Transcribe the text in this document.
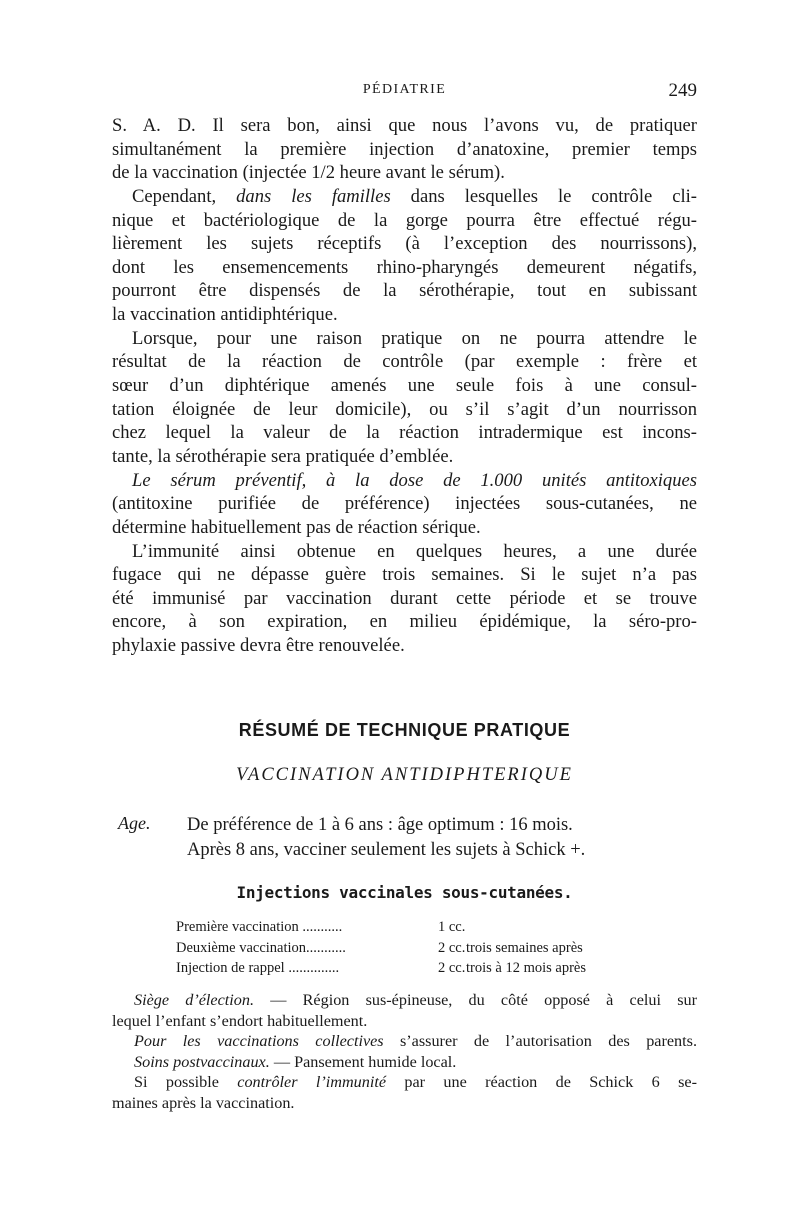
PÉDIATRIE	249
S. A. D. Il sera bon, ainsi que nous l’avons vu, de pratiquer
simultanément la première injection d’anatoxine, premier temps
de la vaccination (injectée 1/2 heure avant le sérum).
Cependant, dans les familles dans lesquelles le contrôle cli-
nique et bactériologique de la gorge pourra être effectué régu-
lièrement les sujets réceptifs (à l’exception des nourrissons),
dont les ensemencements rhino-pharyngés demeurent négatifs,
pourront être dispensés de la sérothérapie, tout en subissant
la vaccination antidiphtérique.
Lorsque, pour une raison pratique on ne pourra attendre le
résultat de la réaction de contrôle (par exemple : frère et
sœur d’un diphtérique amenés une seule fois à une consul-
tation éloignée de leur domicile), ou s’il s’agit d’un nourrisson
chez lequel la valeur de la réaction intradermique est incons-
tante, la sérothérapie sera pratiquée d’emblée.
Le sérum préventif, à la dose de 1.000 unités antitoxiques
(antitoxine purifiée de préférence) injectées sous-cutanées, ne
détermine habituellement pas de réaction sérique.
L’immunité ainsi obtenue en quelques heures, a une durée
fugace qui ne dépasse guère trois semaines. Si le sujet n’a pas
été immunisé par vaccination durant cette période et se trouve
encore, à son expiration, en milieu épidémique, la séro-pro-
phylaxie passive devra être renouvelée.
RÉSUMÉ DE TECHNIQUE PRATIQUE
VACCINATION ANTIDIPHTERIQUE
Age. De préférence de 1 à 6 ans : âge optimum : 16 mois.
Après 8 ans, vacciner seulement les sujets à Schick +.
Injections vaccinales sous-cutanées.
Première vaccination ...........	1 cc.
Deuxième vaccination...........	2 cc. trois semaines après
Injection de rappel ..............	2 cc. trois à 12 mois après
Siège d’élection. — Région sus-épineuse, du côté opposé à celui sur
lequel l’enfant s’endort habituellement.
Pour les vaccinations collectives s’assurer de l’autorisation des parents.
Soins postvaccinaux. — Pansement humide local.
Si possible contrôler l’immunité par une réaction de Schick 6 se-
maines après la vaccination.
